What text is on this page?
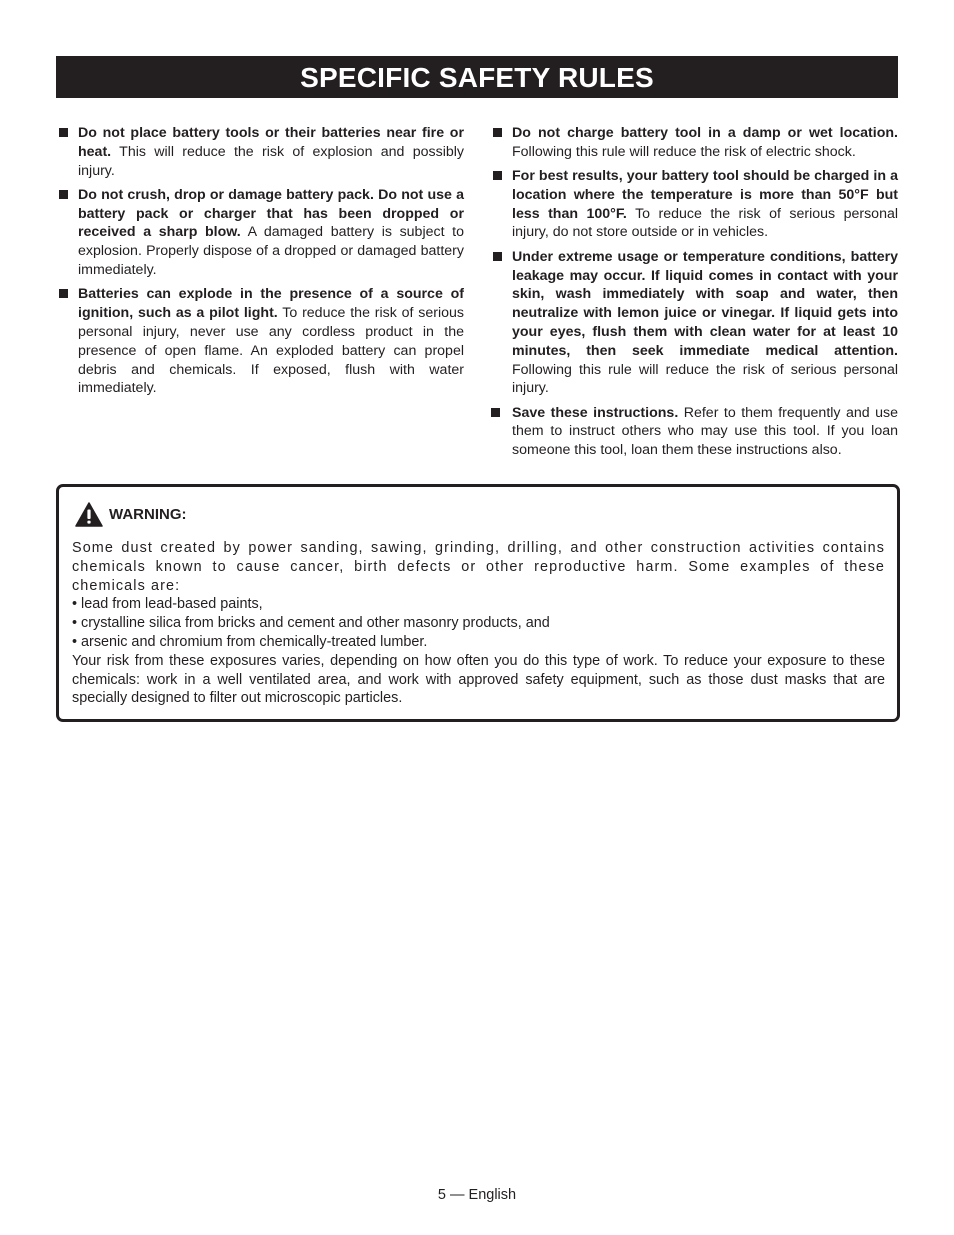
SPECIFIC SAFETY RULES
Do not place battery tools or their batteries near fire or heat. This will reduce the risk of explosion and possibly injury.
Do not crush, drop or damage battery pack. Do not use a battery pack or charger that has been dropped or received a sharp blow. A damaged battery is subject to explosion. Properly dispose of a dropped or damaged battery immediately.
Batteries can explode in the presence of a source of ignition, such as a pilot light. To reduce the risk of serious personal injury, never use any cordless product in the presence of open flame. An exploded battery can propel debris and chemicals. If exposed, flush with water immediately.
Do not charge battery tool in a damp or wet location. Following this rule will reduce the risk of electric shock.
For best results, your battery tool should be charged in a location where the temperature is more than 50°F but less than 100°F. To reduce the risk of serious personal injury, do not store outside or in vehicles.
Under extreme usage or temperature conditions, battery leakage may occur. If liquid comes in contact with your skin, wash immediately with soap and water, then neutralize with lemon juice or vinegar. If liquid gets into your eyes, flush them with clean water for at least 10 minutes, then seek immediate medical attention. Following this rule will reduce the risk of serious personal injury.
Save these instructions. Refer to them frequently and use them to instruct others who may use this tool. If you loan someone this tool, loan them these instructions also.
WARNING:
Some dust created by power sanding, sawing, grinding, drilling, and other construction activities contains chemicals known to cause cancer, birth defects or other reproductive harm. Some examples of these chemicals are:
• lead from lead-based paints,
• crystalline silica from bricks and cement and other masonry products, and
• arsenic and chromium from chemically-treated lumber.
Your risk from these exposures varies, depending on how often you do this type of work. To reduce your exposure to these chemicals: work in a well ventilated area, and work with approved safety equipment, such as those dust masks that are specially designed to filter out microscopic particles.
5 — English
